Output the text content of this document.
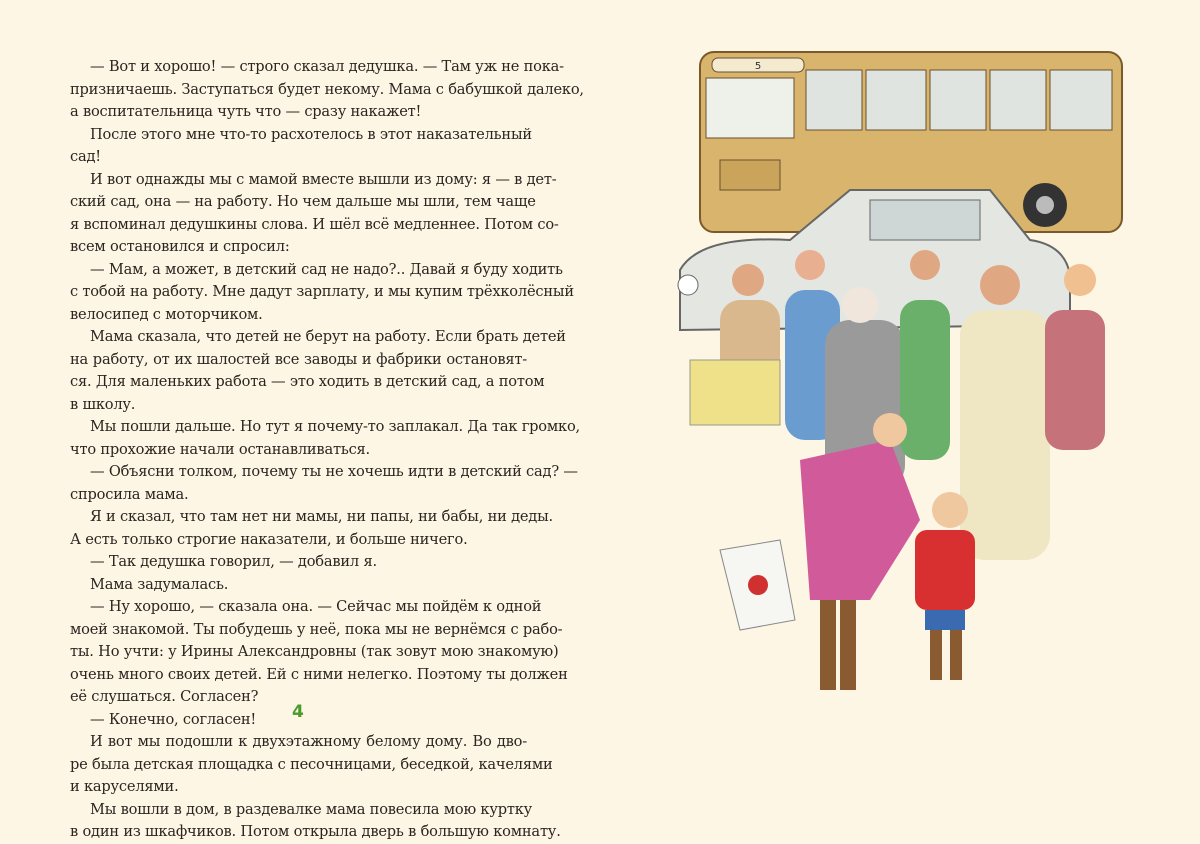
— Вот и хорошо! — строго сказал дедушка. — Там уж не пока-
призничаешь. Заступаться будет некому. Мама с бабушкой далеко,
а воспитательница чуть что — сразу накажет!
После этого мне что-то расхотелось в этот наказательный
сад!
И вот однажды мы с мамой вместе вышли из дому: я — в дет-
ский сад, она — на работу. Но чем дальше мы шли, тем чаще
я вспоминал дедушкины слова. И шёл всё медленнее. Потом со-
всем остановился и спросил:
— Мам, а может, в детский сад не надо?.. Давай я буду ходить
с тобой на работу. Мне дадут зарплату, и мы купим трёхколёсный
велосипед с моторчиком.
Мама сказала, что детей не берут на работу. Если брать детей
на работу, от их шалостей все заводы и фабрики остановят-
ся. Для маленьких работа — это ходить в детский сад, а потом
в школу.
Мы пошли дальше. Но тут я почему-то заплакал. Да так громко,
что прохожие начали останавливаться.
— Объясни толком, почему ты не хочешь идти в детский сад? —
спросила мама.
Я и сказал, что там нет ни мамы, ни папы, ни бабы, ни деды.
А есть только строгие наказатели, и больше ничего.
— Так дедушка говорил, — добавил я.
Мама задумалась.
— Ну хорошо, — сказала она. — Сейчас мы пойдём к одной
моей знакомой. Ты побудешь у неё, пока мы не вернёмся с рабо-
ты. Но учти: у Ирины Александровны (так зовут мою знакомую)
очень много своих детей. Ей с ними нелегко. Поэтому ты должен
её слушаться. Согласен?
— Конечно, согласен!
И вот мы подошли к двухэтажному белому дому. Во дво-
ре была детская площадка с песочницами, беседкой, качелями
и каруселями.
Мы вошли в дом, в раздевалке мама повесила мою куртку
в один из шкафчиков. Потом открыла дверь в большую комнату.
4
5
